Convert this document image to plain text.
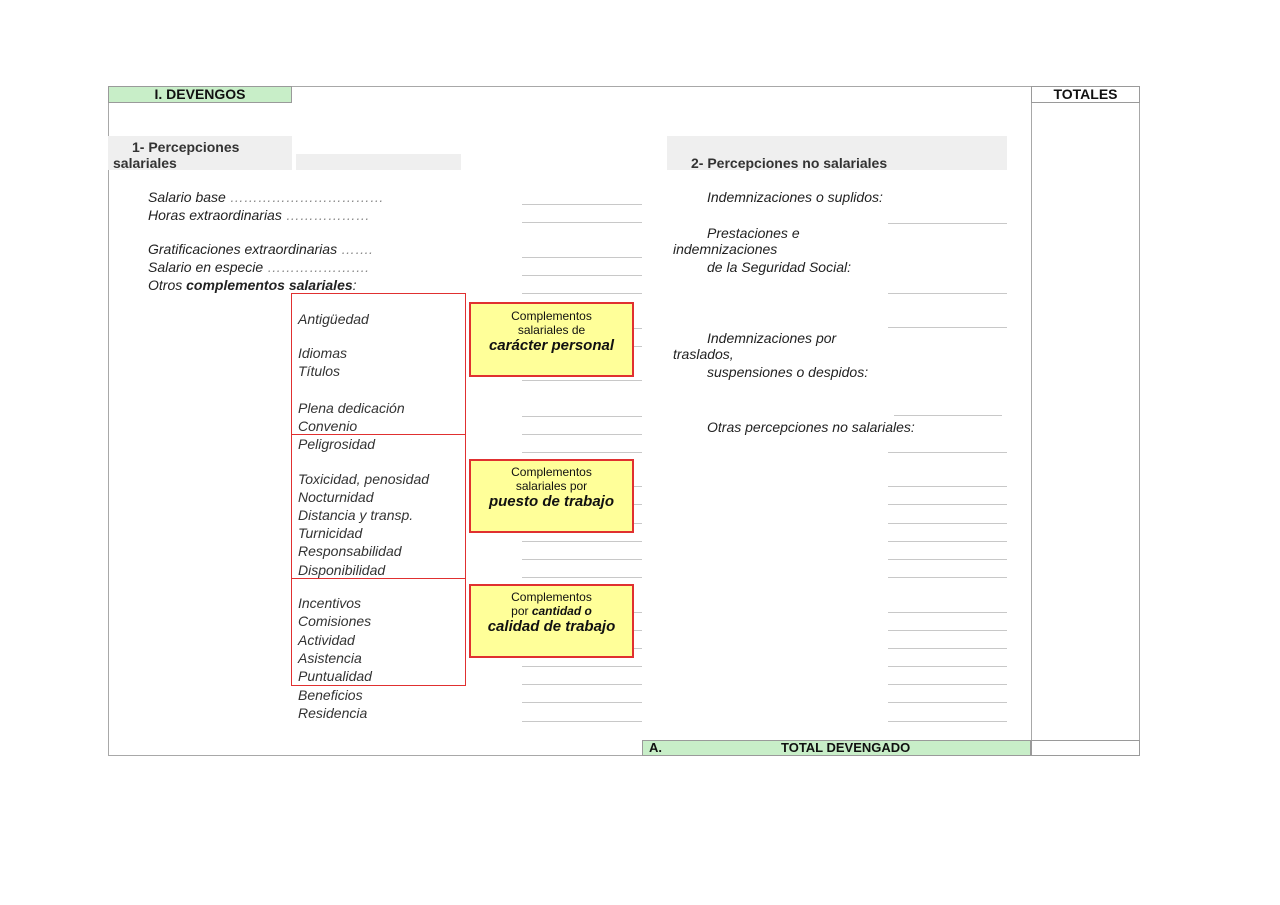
I. DEVENGOS	TOTALES
1- Percepciones
salariales	2- Percepciones no salariales
Salario base ……………………………
Horas extraordinarias ………………
Gratificaciones extraordinarias …….
Salario en especie ………………….
Otros complementos salariales:
Antigüedad
Idiomas
Títulos
Plena dedicación
Convenio
Peligrosidad
Toxicidad, penosidad
Nocturnidad
Distancia y transp.
Turnicidad
Responsabilidad
Disponibilidad
Incentivos
Comisiones
Actividad
Asistencia
Puntualidad
Beneficios
Residencia
Complementos
salariales de
carácter personal
Complementos
salariales por
puesto de trabajo
Complementos
por cantidad o
calidad de trabajo
Indemnizaciones o suplidos:
Prestaciones e
indemnizaciones
de la Seguridad Social:
Indemnizaciones por
traslados,
suspensiones o despidos:
Otras percepciones no salariales:
A.	TOTAL DEVENGADO
